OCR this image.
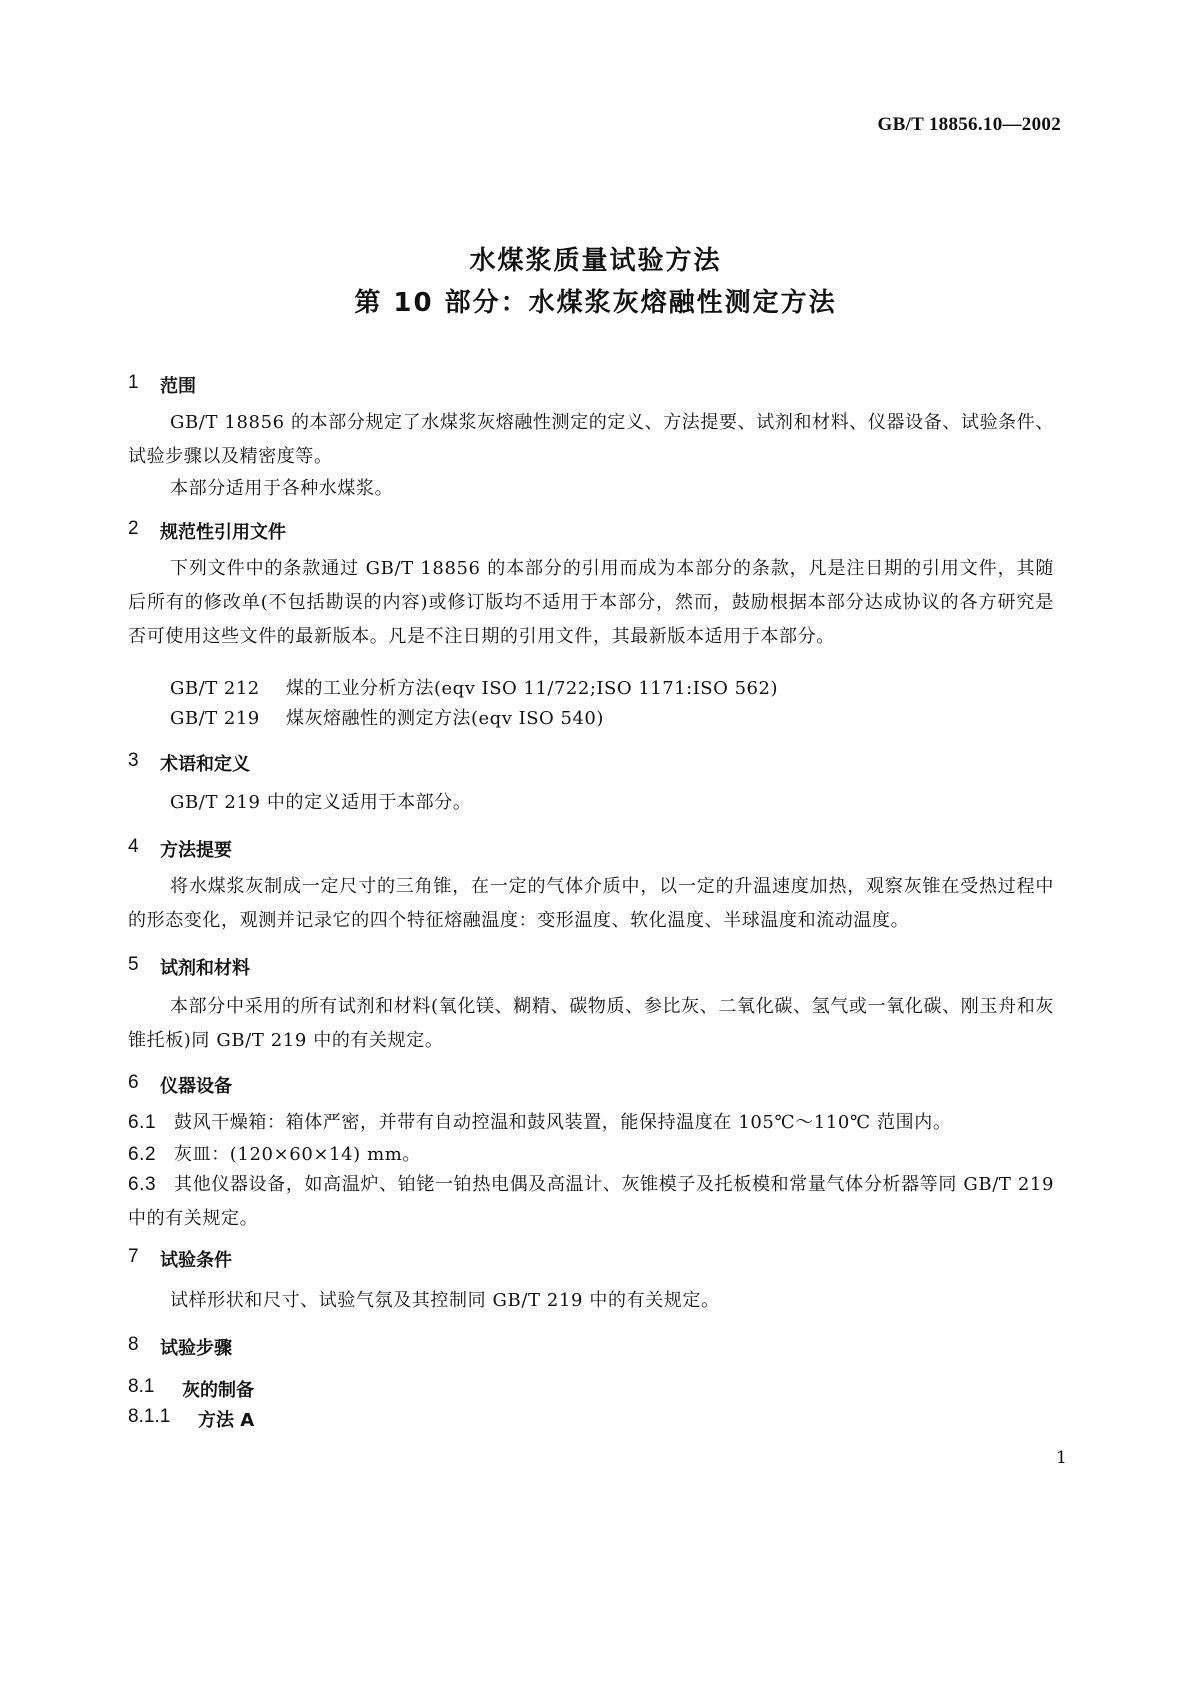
GB/T 18856.10—2002
水煤浆质量试验方法
第 10 部分：水煤浆灰熔融性测定方法
1	范围
GB/T 18856 的本部分规定了水煤浆灰熔融性测定的定义、方法提要、试剂和材料、仪器设备、试验条件、试验步骤以及精密度等。
本部分适用于各种水煤浆。
2	规范性引用文件
下列文件中的条款通过 GB/T 18856 的本部分的引用而成为本部分的条款，凡是注日期的引用文件，其随后所有的修改单(不包括勘误的内容)或修订版均不适用于本部分，然而，鼓励根据本部分达成协议的各方研究是否可使用这些文件的最新版本。凡是不注日期的引用文件，其最新版本适用于本部分。
GB/T 212	煤的工业分析方法(eqv ISO 11/722;ISO 1171:ISO 562)
GB/T 219	煤灰熔融性的测定方法(eqv ISO 540)
3	术语和定义
GB/T 219 中的定义适用于本部分。
4	方法提要
将水煤浆灰制成一定尺寸的三角锥，在一定的气体介质中，以一定的升温速度加热，观察灰锥在受热过程中的形态变化，观测并记录它的四个特征熔融温度：变形温度、软化温度、半球温度和流动温度。
5	试剂和材料
本部分中采用的所有试剂和材料(氧化镁、糊精、碳物质、参比灰、二氧化碳、氢气或一氧化碳、刚玉舟和灰锥托板)同 GB/T 219 中的有关规定。
6	仪器设备
6.1 鼓风干燥箱：箱体严密，并带有自动控温和鼓风装置，能保持温度在 105℃～110℃ 范围内。
6.2 灰皿：(120×60×14) mm。
6.3 其他仪器设备，如高温炉、铂铑一铂热电偶及高温计、灰锥模子及托板模和常量气体分析器等同 GB/T 219 中的有关规定。
7	试验条件
试样形状和尺寸、试验气氛及其控制同 GB/T 219 中的有关规定。
8	试验步骤
8.1	灰的制备
8.1.1	方法 A
1
